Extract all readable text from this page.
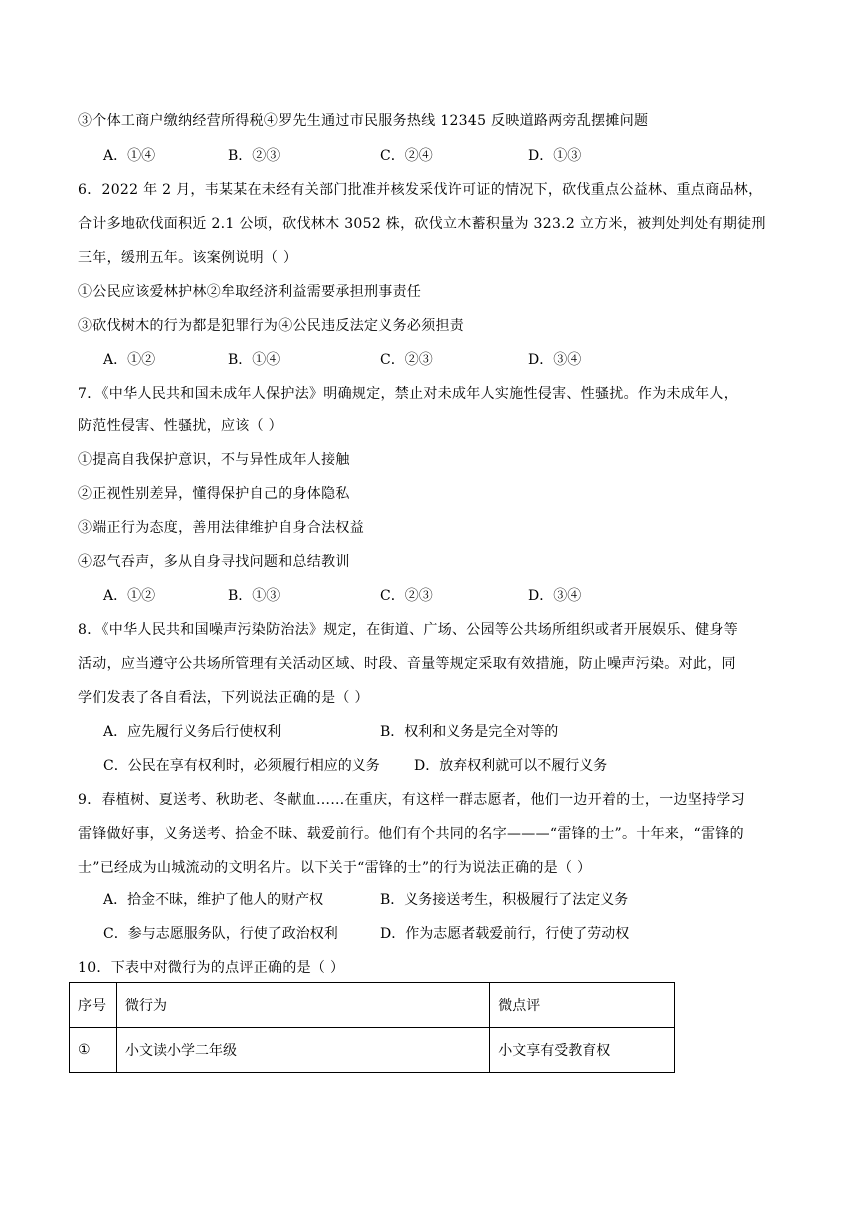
③个体工商户缴纳经营所得税④罗先生通过市民服务热线 12345 反映道路两旁乱摆摊问题
A．①④	B．②③	C．②④	D．①③
6．2022 年 2 月，韦某某在未经有关部门批准并核发采伐许可证的情况下，砍伐重点公益林、重点商品林，
合计多地砍伐面积近 2.1 公顷，砍伐林木 3052 株，砍伐立木蓄积量为 323.2 立方米，被判处判处有期徒刑
三年，缓刑五年。该案例说明（ ）
①公民应该爱林护林②牟取经济利益需要承担刑事责任
③砍伐树木的行为都是犯罪行为④公民违反法定义务必须担责
A．①②	B．①④	C．②③	D．③④
7．《中华人民共和国未成年人保护法》明确规定，禁止对未成年人实施性侵害、性骚扰。作为未成年人，
防范性侵害、性骚扰，应该（ ）
①提高自我保护意识，不与异性成年人接触
②正视性别差异，懂得保护自己的身体隐私
③端正行为态度，善用法律维护自身合法权益
④忍气吞声，多从自身寻找问题和总结教训
A．①②	B．①③	C．②③	D．③④
8．《中华人民共和国噪声污染防治法》规定，在街道、广场、公园等公共场所组织或者开展娱乐、健身等
活动，应当遵守公共场所管理有关活动区域、时段、音量等规定采取有效措施，防止噪声污染。对此，同
学们发表了各自看法，下列说法正确的是（ ）
A．应先履行义务后行使权利	B．权利和义务是完全对等的
C．公民在享有权利时，必须履行相应的义务 D．放弃权利就可以不履行义务
9．春植树、夏送考、秋助老、冬献血……在重庆，有这样一群志愿者，他们一边开着的士，一边坚持学习
雷锋做好事，义务送考、拾金不昧、载爱前行。他们有个共同的名字———“雷锋的士”。十年来，“雷锋的
士”已经成为山城流动的文明名片。以下关于“雷锋的士”的行为说法正确的是（ ）
A．拾金不昧，维护了他人的财产权	B．义务接送考生，积极履行了法定义务
C．参与志愿服务队，行使了政治权利	D．作为志愿者载爱前行，行使了劳动权
10．下表中对微行为的点评正确的是（ ）
序号	微行为	微点评
①	小文读小学二年级	小文享有受教育权
